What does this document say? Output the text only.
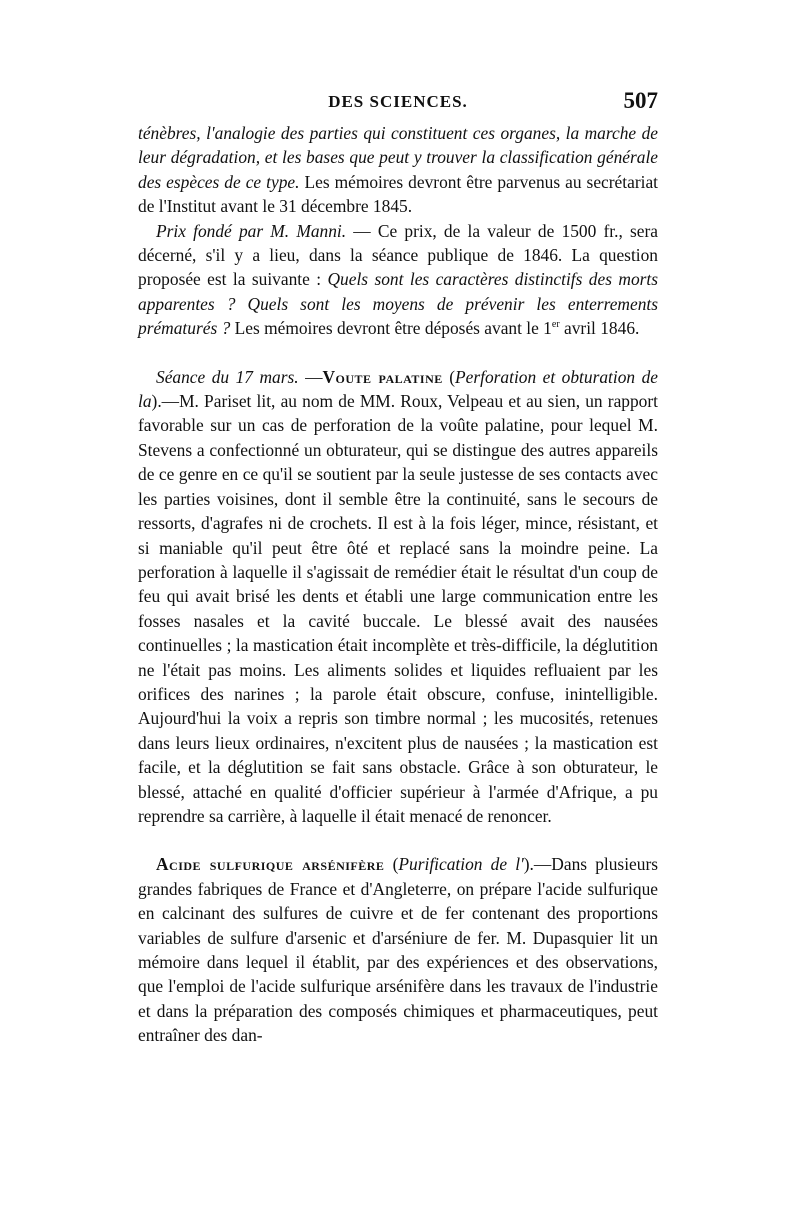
DES SCIENCES.	507

ténèbres, l'analogie des parties qui constituent ces organes, la marche de leur dégradation, et les bases que peut y trouver la classification générale des espèces de ce type. Les mémoires devront être parvenus au secrétariat de l'Institut avant le 31 décembre 1845.

Prix fondé par M. Manni. — Ce prix, de la valeur de 1500 fr., sera décerné, s'il y a lieu, dans la séance publique de 1846. La question proposée est la suivante : Quels sont les caractères distinctifs des morts apparentes ? Quels sont les moyens de prévenir les enterrements prématurés ? Les mémoires devront être déposés avant le 1er avril 1846.

Séance du 17 mars. —Voute palatine (Perforation et obturation de la).—M. Pariset lit, au nom de MM. Roux, Velpeau et au sien, un rapport favorable sur un cas de perforation de la voûte palatine, pour lequel M. Stevens a confectionné un obturateur, qui se distingue des autres appareils de ce genre en ce qu'il se soutient par la seule justesse de ses contacts avec les parties voisines, dont il semble être la continuité, sans le secours de ressorts, d'agrafes ni de crochets. Il est à la fois léger, mince, résistant, et si maniable qu'il peut être ôté et replacé sans la moindre peine. La perforation à laquelle il s'agissait de remédier était le résultat d'un coup de feu qui avait brisé les dents et établi une large communication entre les fosses nasales et la cavité buccale. Le blessé avait des nausées continuelles ; la mastication était incomplète et très-difficile, la déglutition ne l'était pas moins. Les aliments solides et liquides refluaient par les orifices des narines ; la parole était obscure, confuse, inintelligible. Aujourd'hui la voix a repris son timbre normal ; les mucosités, retenues dans leurs lieux ordinaires, n'excitent plus de nausées ; la mastication est facile, et la déglutition se fait sans obstacle. Grâce à son obturateur, le blessé, attaché en qualité d'officier supérieur à l'armée d'Afrique, a pu reprendre sa carrière, à laquelle il était menacé de renoncer.

Acide sulfurique arsénifère (Purification de l').—Dans plusieurs grandes fabriques de France et d'Angleterre, on prépare l'acide sulfurique en calcinant des sulfures de cuivre et de fer contenant des proportions variables de sulfure d'arsenic et d'arséniure de fer. M. Dupasquier lit un mémoire dans lequel il établit, par des expériences et des observations, que l'emploi de l'acide sulfurique arsénifère dans les travaux de l'industrie et dans la préparation des composés chimiques et pharmaceutiques, peut entraîner des dan-
